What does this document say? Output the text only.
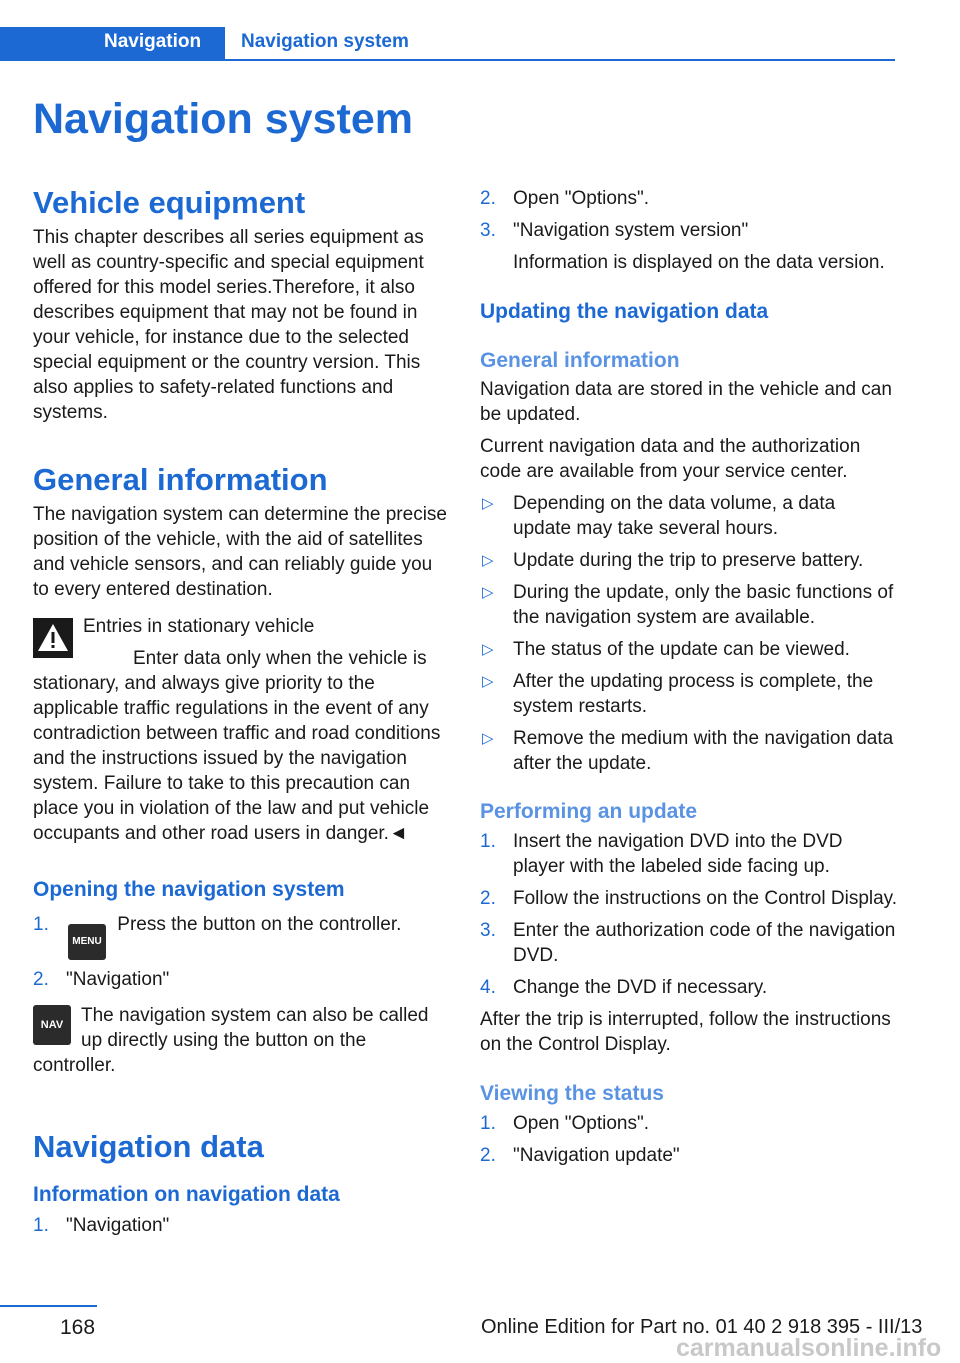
Navigation Navigation system
Navigation system
Vehicle equipment

This chapter describes all series equipment as well as country-specific and special equipment offered for this model series.Therefore, it also describes equipment that may not be found in your vehicle, for instance due to the selected special equipment or the country version. This also applies to safety-related functions and systems.

General information

The navigation system can determine the precise position of the vehicle, with the aid of satellites and vehicle sensors, and can reliably guide you to every entered destination.

Entries in stationary vehicle

Enter data only when the vehicle is stationary, and always give priority to the applicable traffic regulations in the event of any contradiction between traffic and road conditions and the instructions issued by the navigation system. Failure to take to this precaution can place you in violation of the law and put vehicle occupants and other road users in danger.◄

Opening the navigation system
1.
MENU Press the button on the controller.
2. "Navigation"
NAV The navigation system can also be called up directly using the button on the controller.

Navigation data
Information on navigation data
1. "Navigation"
2. Open "Options".
3. "Navigation system version"

Information is displayed on the data version.

Updating the navigation data
General information

Navigation data are stored in the vehicle and can be updated.

Current navigation data and the authorization code are available from your service center.

▷ Depending on the data volume, a data update may take several hours.
▷ Update during the trip to preserve battery.
▷ During the update, only the basic functions of the navigation system are available.
▷ The status of the update can be viewed.
▷ After the updating process is complete, the system restarts.
▷ Remove the medium with the navigation data after the update.
Performing an update
1. Insert the navigation DVD into the DVD player with the labeled side facing up.
2. Follow the instructions on the Control Display.
3. Enter the authorization code of the navigation DVD.
4. Change the DVD if necessary.

After the trip is interrupted, follow the instructions on the Control Display.

Viewing the status
1. Open "Options".
2. "Navigation update"
168	Online Edition for Part no. 01 40 2 918 395 - III/13
carmanualsonline.info
